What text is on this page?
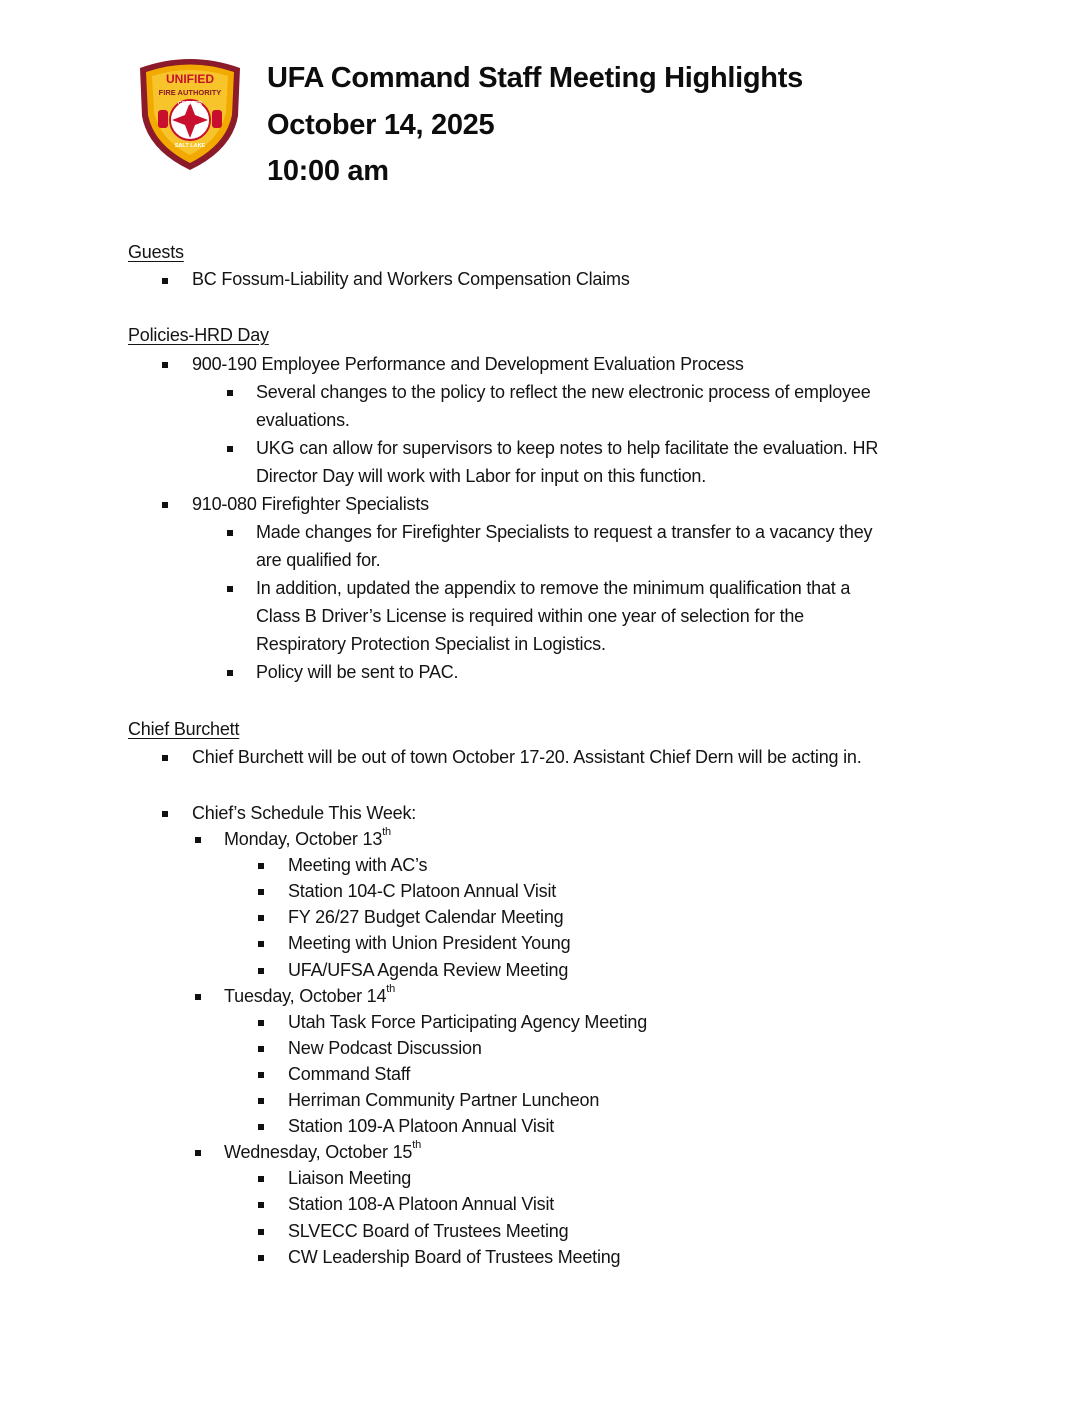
UNIFIED
FIRE AUTHORITY
GREATER
SALT LAKE
UFA Command Staff Meeting Highlights
October 14, 2025
10:00 am
Guests
BC Fossum-Liability and Workers Compensation Claims
Policies-HRD Day
900-190 Employee Performance and Development Evaluation Process
Several changes to the policy to reflect the new electronic process of employee
evaluations.
UKG can allow for supervisors to keep notes to help facilitate the evaluation. HR
Director Day will work with Labor for input on this function.
910-080 Firefighter Specialists
Made changes for Firefighter Specialists to request a transfer to a vacancy they
are qualified for.
In addition, updated the appendix to remove the minimum qualification that a
Class B Driver’s License is required within one year of selection for the
Respiratory Protection Specialist in Logistics.
Policy will be sent to PAC.
Chief Burchett
Chief Burchett will be out of town October 17-20. Assistant Chief Dern will be acting in.
Chief’s Schedule This Week:
Monday, October 13th
Meeting with AC’s
Station 104-C Platoon Annual Visit
FY 26/27 Budget Calendar Meeting
Meeting with Union President Young
UFA/UFSA Agenda Review Meeting
Tuesday, October 14th
Utah Task Force Participating Agency Meeting
New Podcast Discussion
Command Staff
Herriman Community Partner Luncheon
Station 109-A Platoon Annual Visit
Wednesday, October 15th
Liaison Meeting
Station 108-A Platoon Annual Visit
SLVECC Board of Trustees Meeting
CW Leadership Board of Trustees Meeting
